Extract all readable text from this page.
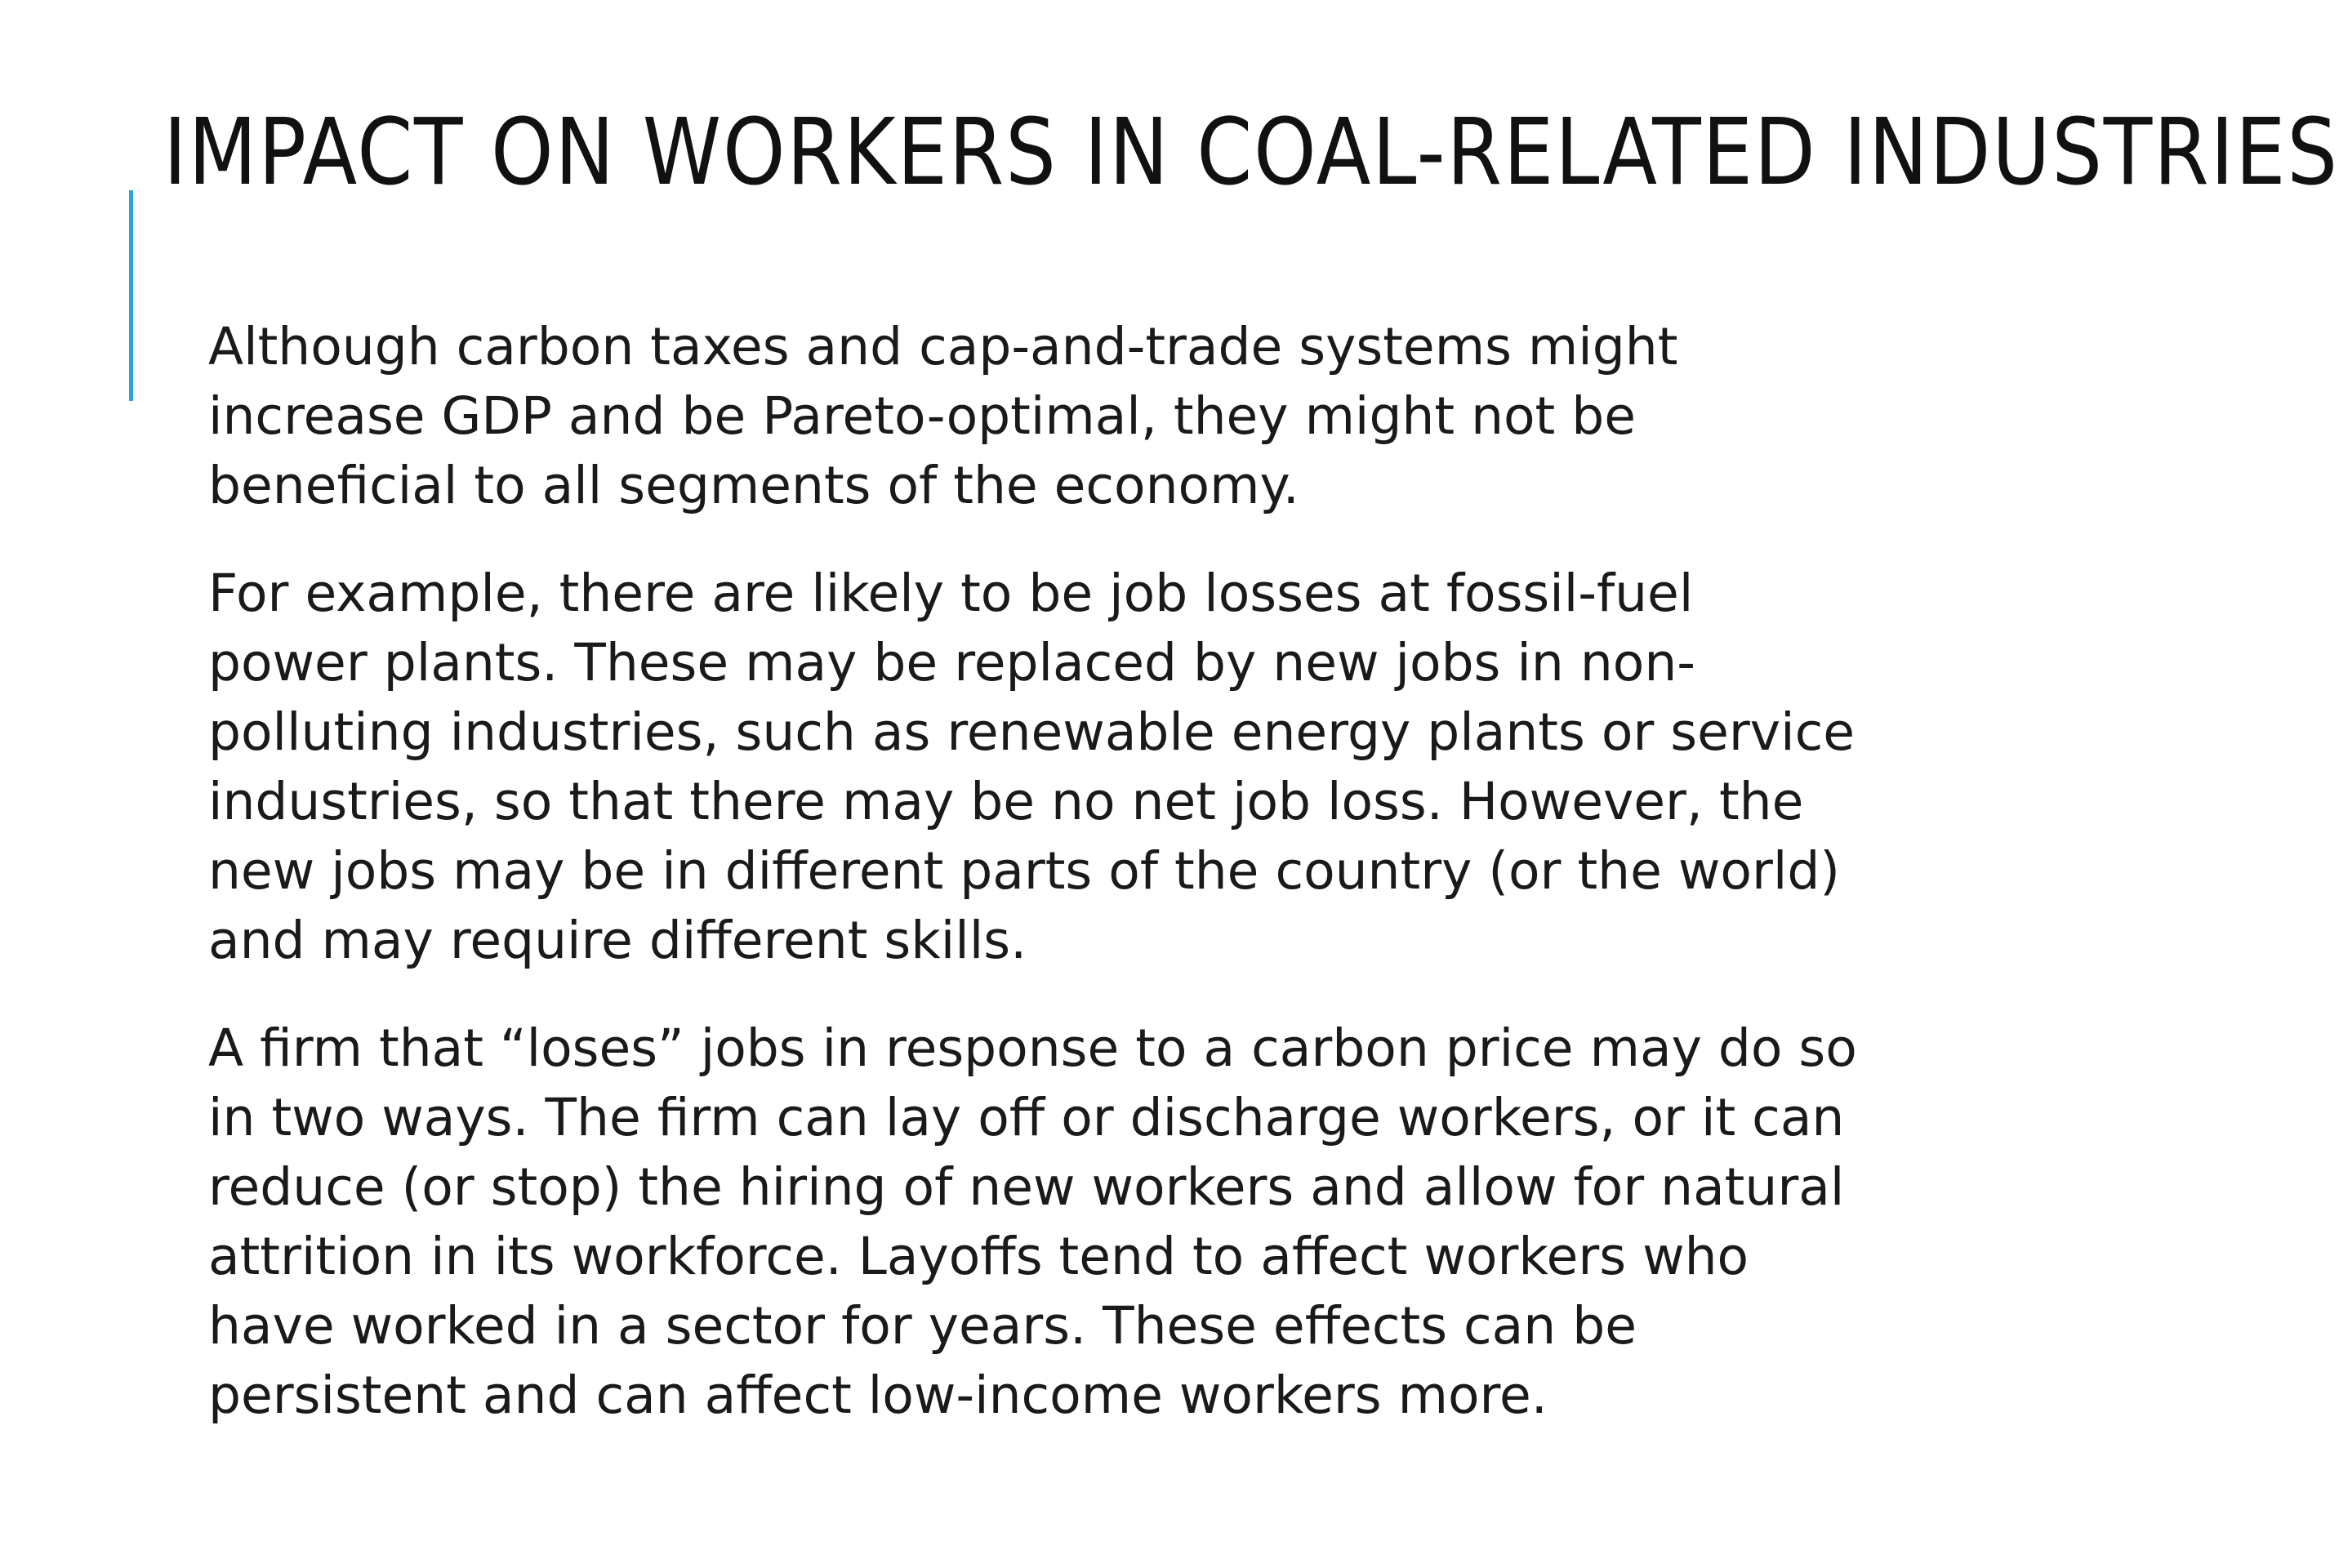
IMPACT ON WORKERS IN COAL-RELATED INDUSTRIES

Although carbon taxes and cap-and-trade systems might
increase GDP and be Pareto-optimal, they might not be
beneficial to all segments of the economy.

For example, there are likely to be job losses at fossil-fuel
power plants. These may be replaced by new jobs in non-
polluting industries, such as renewable energy plants or service
industries, so that there may be no net job loss. However, the
new jobs may be in different parts of the country (or the world)
and may require different skills.

A firm that “loses” jobs in response to a carbon price may do so
in two ways. The firm can lay off or discharge workers, or it can
reduce (or stop) the hiring of new workers and allow for natural
attrition in its workforce. Layoffs tend to affect workers who
have worked in a sector for years. These effects can be
persistent and can affect low-income workers more.
